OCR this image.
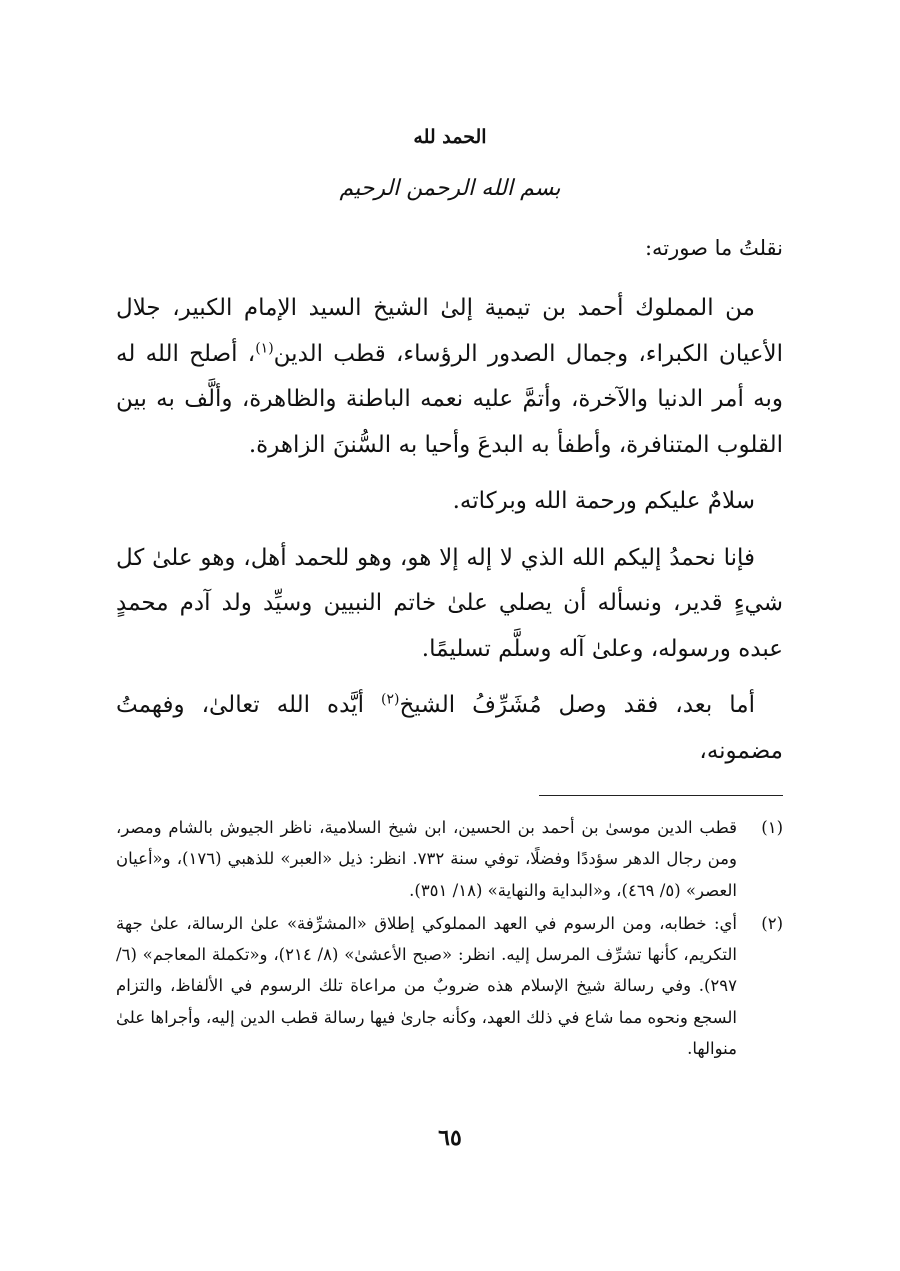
الحمد لله
بسم الله الرحمن الرحيم
نقلتُ ما صورته:

من المملوك أحمد بن تيمية إلىٰ الشيخ السيد الإمام الكبير، جلال الأعيان الكبراء، وجمال الصدور الرؤساء، قطب الدين$^{(١)}$، أصلح الله له وبه أمر الدنيا والآخرة، وأتمَّ عليه نعمه الباطنة والظاهرة، وألَّف به بين القلوب المتنافرة، وأطفأ به البدعَ وأحيا به السُّننَ الزاهرة.

سلامٌ عليكم ورحمة الله وبركاته.

فإنا نحمدُ إليكم الله الذي لا إله إلا هو، وهو للحمد أهل، وهو علىٰ كل شيءٍ قدير، ونسأله أن يصلي علىٰ خاتم النبيين وسيِّد ولد آدم محمدٍ عبده ورسوله، وعلىٰ آله وسلَّم تسليمًا.

أما بعد، فقد وصل مُشَرِّفُ الشيخ$^{(٢)}$ أيَّده الله تعالىٰ، وفهمتُ مضمونه،

(١)
قطب الدين موسىٰ بن أحمد بن الحسين، ابن شيخ السلامية، ناظر الجيوش بالشام ومصر، ومن رجال الدهر سؤددًا وفضلًا، توفي سنة ٧٣٢. انظر: ذيل «العبر» للذهبي (١٧٦)، و«أعيان العصر» (٥/ ٤٦٩)، و«البداية والنهاية» (١٨/ ٣٥١).
(٢)
أي: خطابه، ومن الرسوم في العهد المملوكي إطلاق «المشرِّفة» علىٰ الرسالة، علىٰ جهة التكريم، كأنها تشرِّف المرسل إليه. انظر: «صبح الأعشىٰ» (٨/ ٢١٤)، و«تكملة المعاجم» (٦/ ٢٩٧). وفي رسالة شيخ الإسلام هذه ضروبٌ من مراعاة تلك الرسوم في الألفاظ، والتزام السجع ونحوه مما شاع في ذلك العهد، وكأنه جارىٰ فيها رسالة قطب الدين إليه، وأجراها علىٰ منوالها.
٦٥
